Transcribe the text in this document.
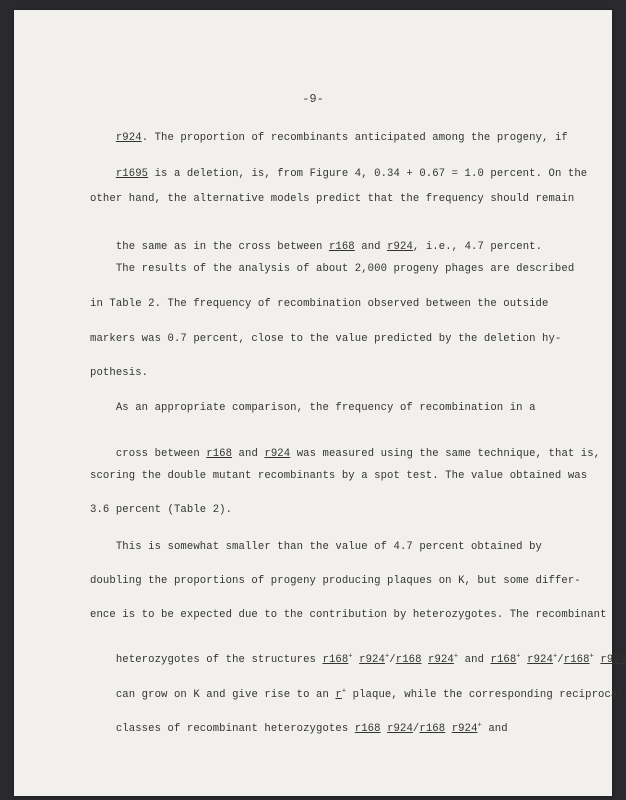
-9-

r924. The proportion of recombinants anticipated among the progeny, if

r1695 is a deletion, is, from Figure 4, 0.34 + 0.67 = 1.0 percent. On the

other hand, the alternative models predict that the frequency should remain

the same as in the cross between r168 and r924, i.e., 4.7 percent.

The results of the analysis of about 2,000 progeny phages are described
in Table 2. The frequency of recombination observed between the outside
markers was 0.7 percent, close to the value predicted by the deletion hy-
pothesis.
As an appropriate comparison, the frequency of recombination in a

cross between r168 and r924 was measured using the same technique, that is,

scoring the double mutant recombinants by a spot test. The value obtained was
3.6 percent (Table 2).
This is somewhat smaller than the value of 4.7 percent obtained by
doubling the proportions of progeny producing plaques on K, but some differ-
ence is to be expected due to the contribution by heterozygotes. The recombinant

heterozygotes of the structures r168+ r924+/r168 r924+ and r168+ r924+/r168+ r924

can grow on K and give rise to an r+ plaque, while the corresponding reciprocal

classes of recombinant heterozygotes r168 r924/r168 r924+ and
